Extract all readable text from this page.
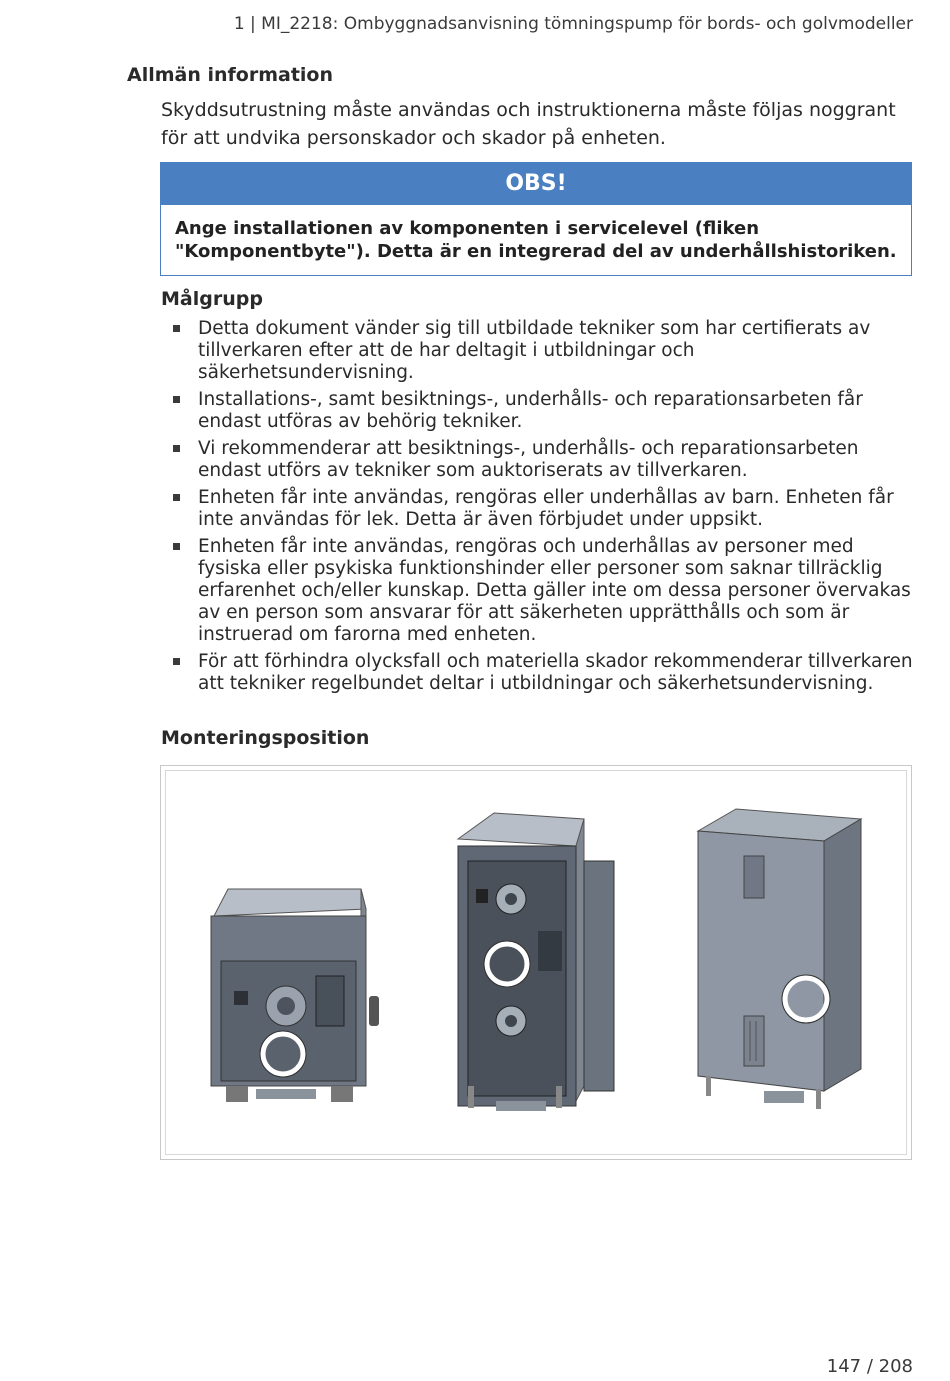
1 | MI_2218: Ombyggnadsanvisning tömningspump för bords- och golvmodeller
Allmän information

Skyddsutrustning måste användas och instruktionerna måste följas noggrant för att undvika personskador och skador på enheten.

OBS!
Ange installationen av komponenten i servicelevel (fliken "Komponentbyte"). Detta är en integrerad del av underhållshistoriken.
Målgrupp
Detta dokument vänder sig till utbildade tekniker som har certifierats av tillverkaren efter att de har deltagit i utbildningar och säkerhetsundervisning.
Installations-, samt besiktnings-, underhålls- och reparationsarbeten får endast utföras av behörig tekniker.
Vi rekommenderar att besiktnings-, underhålls- och reparationsarbeten endast utförs av tekniker som auktoriserats av tillverkaren.
Enheten får inte användas, rengöras eller underhållas av barn. Enheten får inte användas för lek. Detta är även förbjudet under uppsikt.
Enheten får inte användas, rengöras och underhållas av personer med fysiska eller psykiska funktionshinder eller personer som saknar tillräcklig erfarenhet och/eller kunskap. Detta gäller inte om dessa personer övervakas av en person som ansvarar för att säkerheten upprätthålls och som är instruerad om farorna med enheten.
För att förhindra olycksfall och materiella skador rekommenderar tillverkaren att tekniker regelbundet deltar i utbildningar och säkerhetsundervisning.
Monteringsposition
147 / 208
